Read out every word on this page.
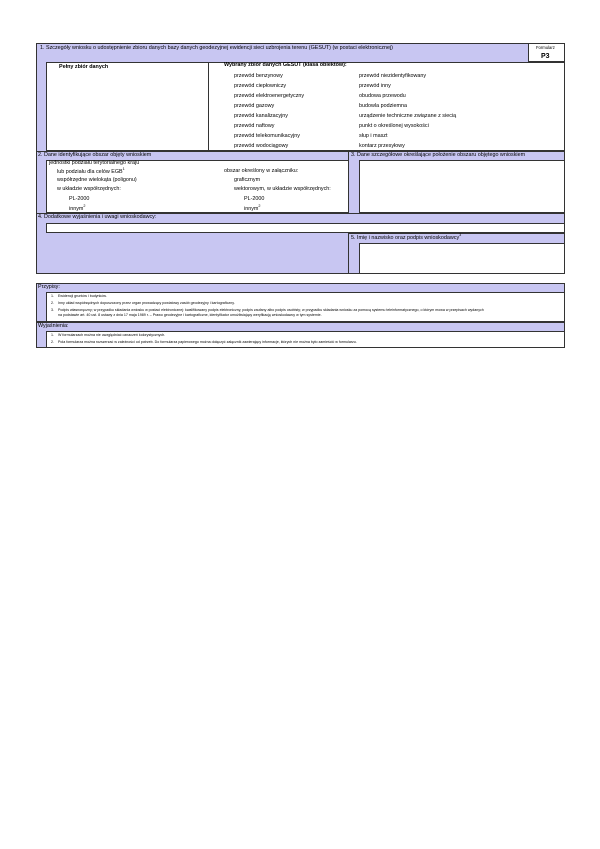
1. Szczegóły wniosku o udostępnienie zbioru danych bazy danych geodezyjnej ewidencji sieci uzbrojenia terenu (GESUT) (w postaci elektronicznej)	Formularz
P3
Pełny zbiór danych	Wybrany zbiór danych GESUT (klasa obiektów):
przewód benzynowy
przewód ciepłowniczy
przewód elektroenergetyczny
przewód gazowy
przewód kanalizacyjny
przewód naftowy
przewód telekomunikacyjny
przewód wodociągowy
przewód niezidentyfikowany
przewód inny
obudowa przewodu
budowla podziemna
urządzenie techniczne związane z siecią
punkt o określonej wysokości
słup i maszt
kontarz przesyłowy
2. Dane identyfikujące obszar objęty wnioskiem	3. Dane szczegółowe określające położenie obszaru objętego wnioskiem
jednostki podziału terytorialnego kraju
lub podziału dla celów EGB$^1$
współrzędne wielokąta (poligonu)
w układzie współrzędnych:
PL-2000
innym$^2$
obszar określony w załączniku:
graficznym
wektorowym, w układzie współrzędnych:
PL-2000
innym$^2$
4. Dodatkowe wyjaśnienia i uwagi wnioskodawcy:
5. Imię i nazwisko oraz podpis wnioskodawcy$^3$
Przypisy:
1. Ewidencji gruntów i budynków.
2. Inny układ współrzędnych dopuszczony przez organ prowadzący powiatowy zasób geodezyjny i kartograficzny.
3. Podpis własnoręczny; w przypadku składania wniosku w postaci elektronicznej: kwalifikowany podpis elektroniczny, podpis zaufany albo podpis osobisty; w przypadku składania wniosku za pomocą systemu teleinformatycznego, o którym mowa w przepisach wydanych
na podstawie art. 40 ust. 8 ustawy z dnia 17 maja 1989 r. – Prawo geodezyjne i kartograficzne, identyfikator umożliwiający weryfikację wnioskodawcy w tym systemie.
Wyjaśnienia:
1. W formularzach można nie uwzględniać oznaczeń kolorystycznych.
2. Pola formularza można rozszerzać w zależności od potrzeb. Do formularza papierowego można dołączyć załącznik zawierający informacje, których nie można było zamieścić w formularzu.
